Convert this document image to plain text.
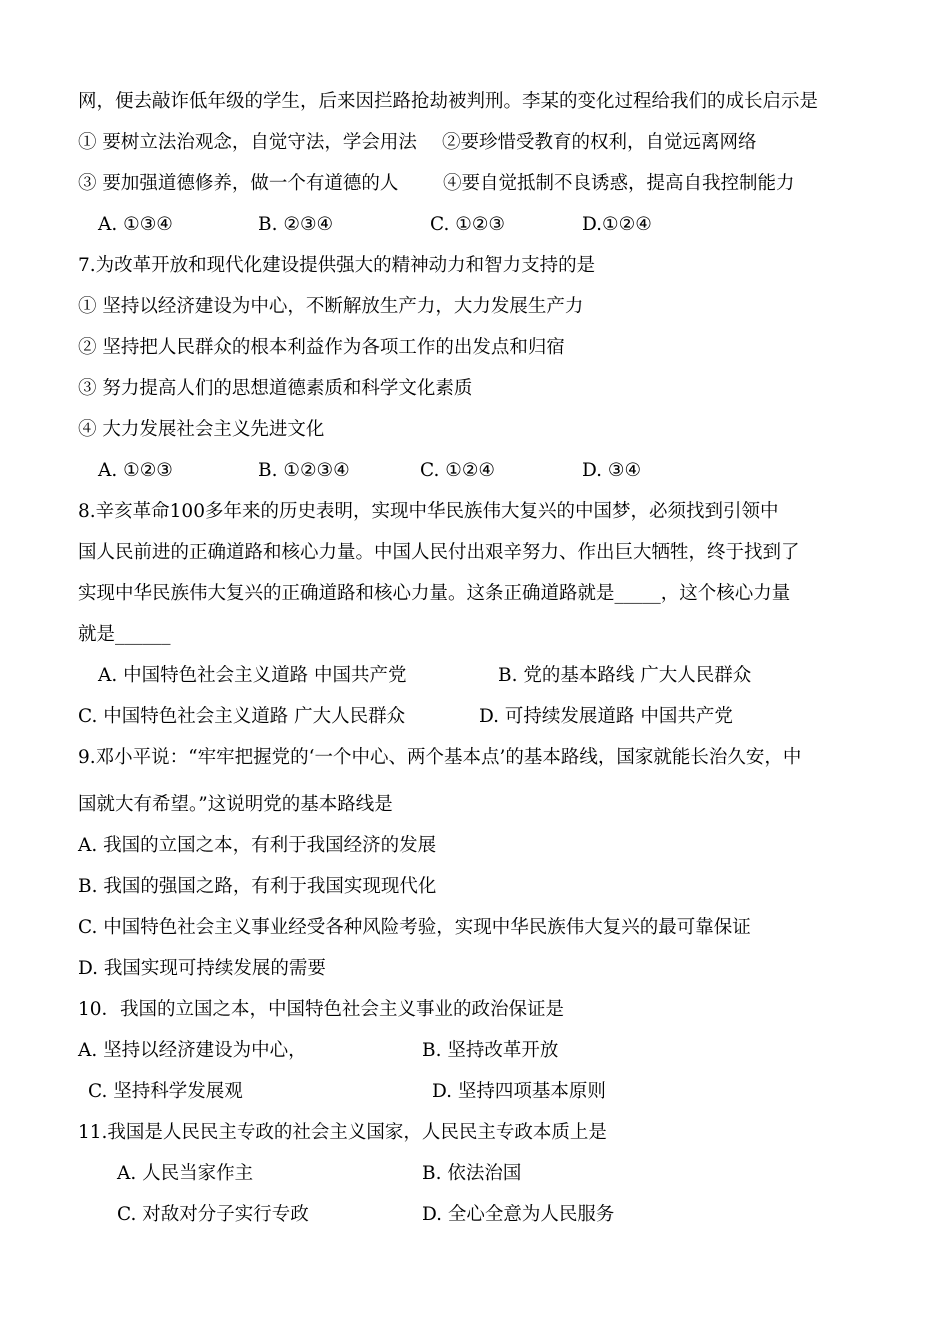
网，便去敲诈低年级的学生，后来因拦路抢劫被判刑。李某的变化过程给我们的成长启示是
① 要树立法治观念，自觉守法，学会用法 ②要珍惜受教育的权利，自觉远离网络
③ 要加强道德修养，做一个有道德的人 ④要自觉抵制不良诱惑，提高自我控制能力
A. ①③④	B. ②③④	C. ①②③	D.①②④
7.为改革开放和现代化建设提供强大的精神动力和智力支持的是
① 坚持以经济建设为中心，不断解放生产力，大力发展生产力
② 坚持把人民群众的根本利益作为各项工作的出发点和归宿
③ 努力提高人们的思想道德素质和科学文化素质
④ 大力发展社会主义先进文化
A. ①②③	B. ①②③④	C. ①②④	D. ③④
8.辛亥革命100多年来的历史表明，实现中华民族伟大复兴的中国梦，必须找到引领中
国人民前进的正确道路和核心力量。中国人民付出艰辛努力、作出巨大牺牲，终于找到了
实现中华民族伟大复兴的正确道路和核心力量。这条正确道路就是_____，这个核心力量
就是______
A. 中国特色社会主义道路 中国共产党	B. 党的基本路线 广大人民群众
C. 中国特色社会主义道路 广大人民群众	D. 可持续发展道路 中国共产党
9.邓小平说：“牢牢把握党的‘一个中心、两个基本点’的基本路线，国家就能长治久安，中
国就大有希望。”这说明党的基本路线是
A. 我国的立国之本，有利于我国经济的发展
B. 我国的强国之路，有利于我国实现现代化
C. 中国特色社会主义事业经受各种风险考验，实现中华民族伟大复兴的最可靠保证
D. 我国实现可持续发展的需要
10．我国的立国之本，中国特色社会主义事业的政治保证是
A. 坚持以经济建设为中心，	B. 坚持改革开放
C. 坚持科学发展观	D. 坚持四项基本原则
11.我国是人民民主专政的社会主义国家，人民民主专政本质上是
A. 人民当家作主	B. 依法治国
C. 对敌对分子实行专政	D. 全心全意为人民服务
